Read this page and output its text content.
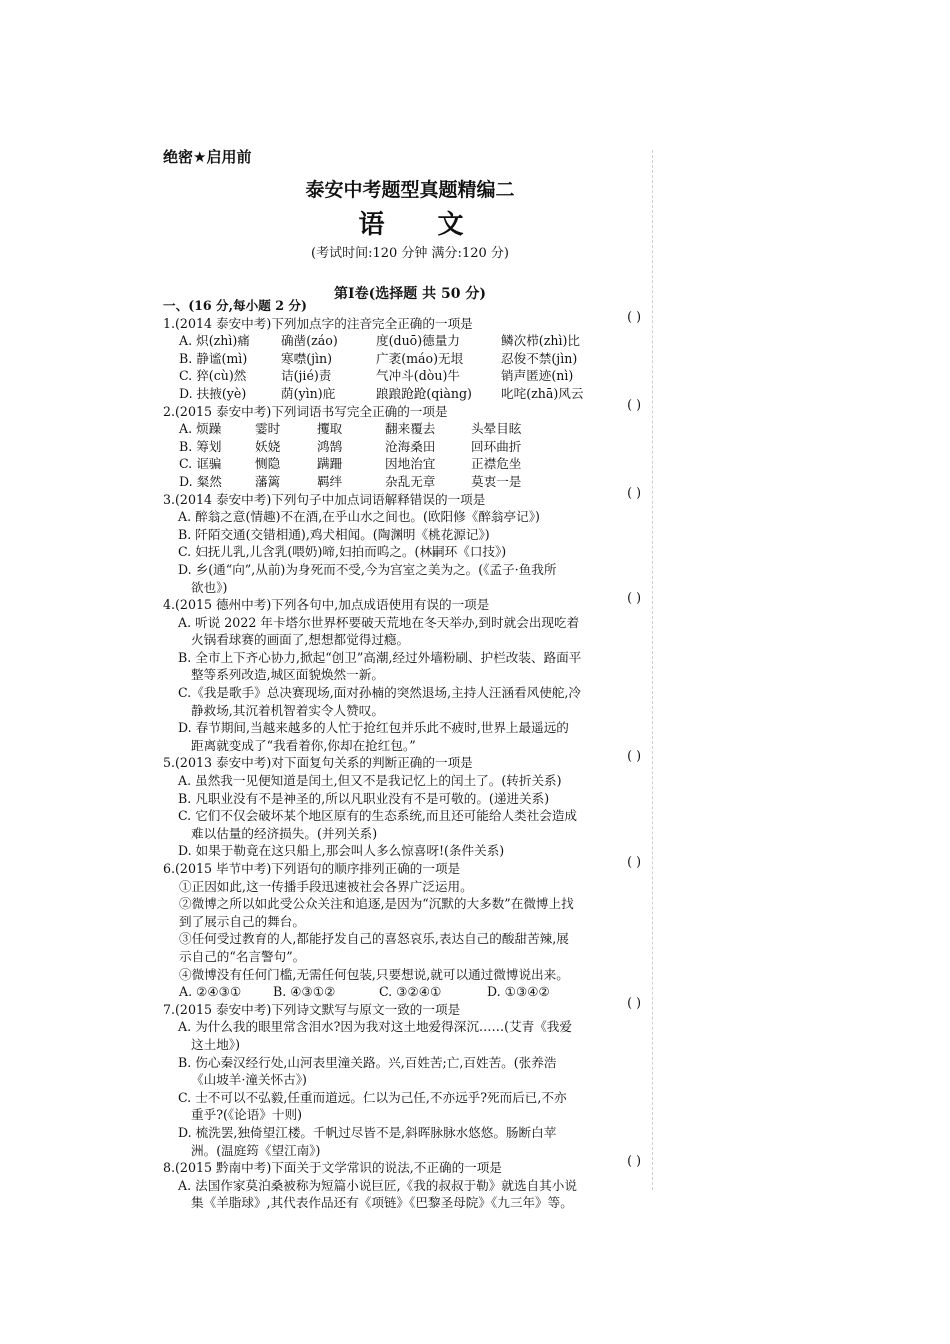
绝密★启用前
泰安中考题型真题精编二
语 文
(考试时间:120 分钟 满分:120 分)
第Ⅰ卷(选择题 共 50 分)
一、(16 分,每小题 2 分)
1.(2014 泰安中考)下列加点字的注音完全正确的一项是	( )
A. 炽(zhì)痛	确凿(záo)	度(duō)德量力	鳞次栉(zhì)比
B. 静谧(mì)	寒噤(jìn)	广袤(máo)无垠	忍俊不禁(jìn)
C. 猝(cù)然	诘(jié)责	气冲斗(dòu)牛	销声匿迹(nì)
D. 扶掖(yè)	荫(yìn)庇	踉踉跄跄(qiàng)	叱咤(zhā)风云
2.(2015 泰安中考)下列词语书写完全正确的一项是	( )
A. 烦躁	霎时	攫取	翻来覆去	头晕目眩
B. 筹划	妖娆	鸿鹄	沧海桑田	回环曲折
C. 诓骗	恻隐	蹒跚	因地治宜	正襟危坐
D. 粲然	藩篱	羁绊	杂乱无章	莫衷一是
3.(2014 泰安中考)下列句子中加点词语解释错误的一项是	( )
A. 醉翁之意(情趣)不在酒,在乎山水之间也。(欧阳修《醉翁亭记》)
B. 阡陌交通(交错相通),鸡犬相闻。(陶渊明《桃花源记》)
C. 妇抚儿乳,儿含乳(喂奶)啼,妇拍而呜之。(林嗣环《口技》)
D. 乡(通“向”,从前)为身死而不受,今为宫室之美为之。(《孟子·鱼我所
欲也》)
4.(2015 德州中考)下列各句中,加点成语使用有误的一项是	( )
A. 听说 2022 年卡塔尔世界杯要破天荒地在冬天举办,到时就会出现吃着
火锅看球赛的画面了,想想都觉得过瘾。
B. 全市上下齐心协力,掀起“创卫”高潮,经过外墙粉刷、护栏改装、路面平
整等系列改造,城区面貌焕然一新。
C.《我是歌手》总决赛现场,面对孙楠的突然退场,主持人汪涵看风使舵,冷
静救场,其沉着机智着实令人赞叹。
D. 春节期间,当越来越多的人忙于抢红包并乐此不疲时,世界上最遥远的
距离就变成了“我看着你,你却在抢红包。”
5.(2013 泰安中考)对下面复句关系的判断正确的一项是	( )
A. 虽然我一见便知道是闰土,但又不是我记忆上的闰土了。(转折关系)
B. 凡职业没有不是神圣的,所以凡职业没有不是可敬的。(递进关系)
C. 它们不仅会破坏某个地区原有的生态系统,而且还可能给人类社会造成
难以估量的经济损失。(并列关系)
D. 如果于勒竟在这只船上,那会叫人多么惊喜呀!(条件关系)
6.(2015 毕节中考)下列语句的顺序排列正确的一项是	( )
①正因如此,这一传播手段迅速被社会各界广泛运用。
②微博之所以如此受公众关注和追逐,是因为“沉默的大多数”在微博上找
到了展示自己的舞台。
③任何受过教育的人,都能抒发自己的喜怒哀乐,表达自己的酸甜苦辣,展
示自己的“名言警句”。
④微博没有任何门槛,无需任何包装,只要想说,就可以通过微博说出来。
A. ②④③①	B. ④③①②	C. ③②④①	D. ①③④②
7.(2015 泰安中考)下列诗文默写与原文一致的一项是	( )
A. 为什么我的眼里常含泪水?因为我对这土地爱得深沉……(艾青《我爱
这土地》)
B. 伤心秦汉经行处,山河表里潼关路。兴,百姓苦;亡,百姓苦。(张养浩
《山坡羊·潼关怀古》)
C. 士不可以不弘毅,任重而道远。仁以为己任,不亦远乎?死而后已,不亦
重乎?(《论语》十则)
D. 梳洗罢,独倚望江楼。千帆过尽皆不是,斜晖脉脉水悠悠。肠断白苹
洲。(温庭筠《望江南》)
8.(2015 黔南中考)下面关于文学常识的说法,不正确的一项是	( )
A. 法国作家莫泊桑被称为短篇小说巨匠,《我的叔叔于勒》就选自其小说
集《羊脂球》,其代表作品还有《项链》《巴黎圣母院》《九三年》等。
